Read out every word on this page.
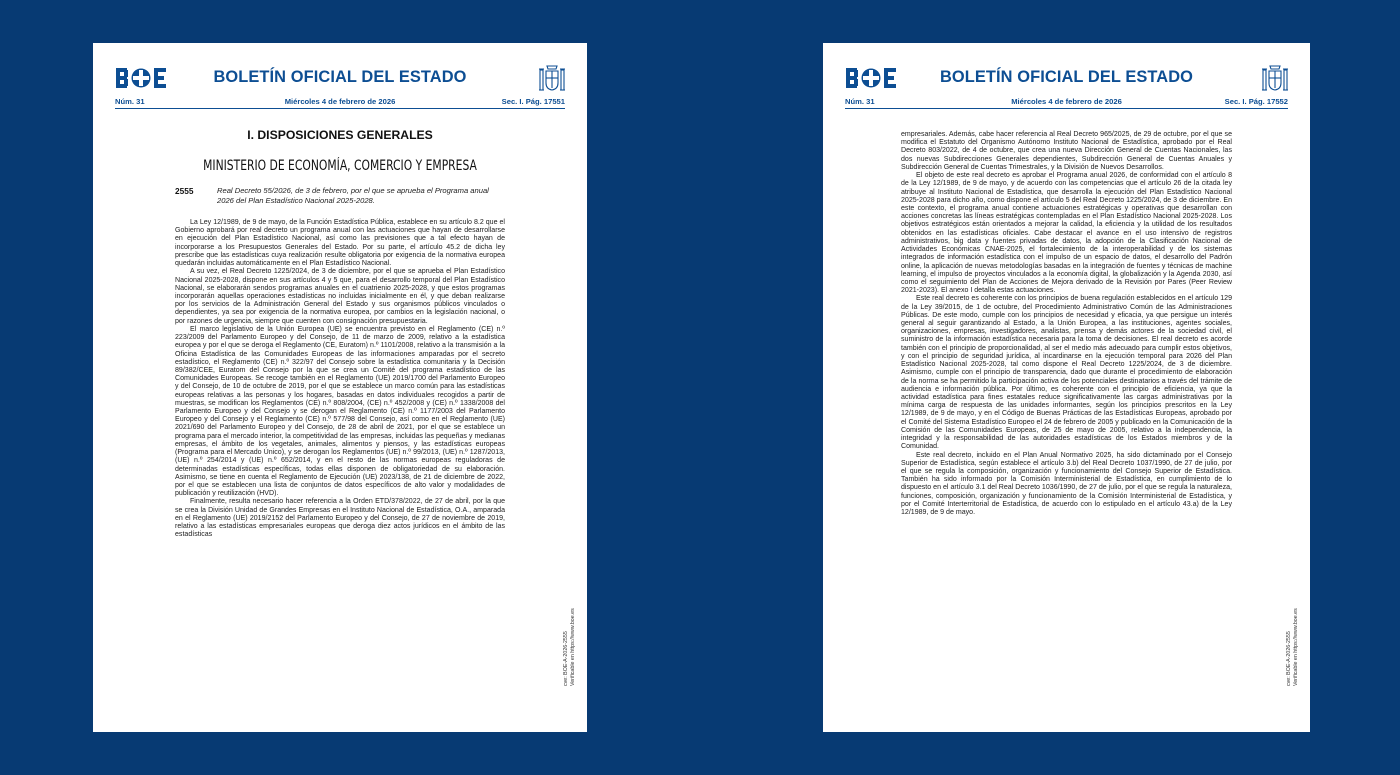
BOLETÍN OFICIAL DEL ESTADO
Núm. 31	Miércoles 4 de febrero de 2026	Sec. I. Pág. 17551
I. DISPOSICIONES GENERALES
MINISTERIO DE ECONOMÍA, COMERCIO Y EMPRESA
2555	Real Decreto 55/2026, de 3 de febrero, por el que se aprueba el Programa anual 2026 del Plan Estadístico Nacional 2025-2028.

La Ley 12/1989, de 9 de mayo, de la Función Estadística Pública, establece en su artículo 8.2 que el Gobierno aprobará por real decreto un programa anual con las actuaciones que hayan de desarrollarse en ejecución del Plan Estadístico Nacional, así como las previsiones que a tal efecto hayan de incorporarse a los Presupuestos Generales del Estado. Por su parte, el artículo 45.2 de dicha ley prescribe que las estadísticas cuya realización resulte obligatoria por exigencia de la normativa europea quedarán incluidas automáticamente en el Plan Estadístico Nacional.

A su vez, el Real Decreto 1225/2024, de 3 de diciembre, por el que se aprueba el Plan Estadístico Nacional 2025-2028, dispone en sus artículos 4 y 5 que, para el desarrollo temporal del Plan Estadístico Nacional, se elaborarán sendos programas anuales en el cuatrienio 2025-2028, y que estos programas incorporarán aquellas operaciones estadísticas no incluidas inicialmente en él, y que deban realizarse por los servicios de la Administración General del Estado y sus organismos públicos vinculados o dependientes, ya sea por exigencia de la normativa europea, por cambios en la legislación nacional, o por razones de urgencia, siempre que cuenten con consignación presupuestaria.

El marco legislativo de la Unión Europea (UE) se encuentra previsto en el Reglamento (CE) n.º 223/2009 del Parlamento Europeo y del Consejo, de 11 de marzo de 2009, relativo a la estadística europea y por el que se deroga el Reglamento (CE, Euratom) n.º 1101/2008, relativo a la transmisión a la Oficina Estadística de las Comunidades Europeas de las informaciones amparadas por el secreto estadístico, el Reglamento (CE) n.º 322/97 del Consejo sobre la estadística comunitaria y la Decisión 89/382/CEE, Euratom del Consejo por la que se crea un Comité del programa estadístico de las Comunidades Europeas. Se recoge también en el Reglamento (UE) 2019/1700 del Parlamento Europeo y del Consejo, de 10 de octubre de 2019, por el que se establece un marco común para las estadísticas europeas relativas a las personas y los hogares, basadas en datos individuales recogidos a partir de muestras, se modifican los Reglamentos (CE) n.º 808/2004, (CE) n.º 452/2008 y (CE) n.º 1338/2008 del Parlamento Europeo y del Consejo y se derogan el Reglamento (CE) n.º 1177/2003 del Parlamento Europeo y del Consejo y el Reglamento (CE) n.º 577/98 del Consejo, así como en el Reglamento (UE) 2021/690 del Parlamento Europeo y del Consejo, de 28 de abril de 2021, por el que se establece un programa para el mercado interior, la competitividad de las empresas, incluidas las pequeñas y medianas empresas, el ámbito de los vegetales, animales, alimentos y piensos, y las estadísticas europeas (Programa para el Mercado Único), y se derogan los Reglamentos (UE) n.º 99/2013, (UE) n.º 1287/2013, (UE) n.º 254/2014 y (UE) n.º 652/2014, y en el resto de las normas europeas reguladoras de determinadas estadísticas específicas, todas ellas disponen de obligatoriedad de su elaboración. Asimismo, se tiene en cuenta el Reglamento de Ejecución (UE) 2023/138, de 21 de diciembre de 2022, por el que se establecen una lista de conjuntos de datos específicos de alto valor y modalidades de publicación y reutilización (HVD).

Finalmente, resulta necesario hacer referencia a la Orden ETD/378/2022, de 27 de abril, por la que se crea la División Unidad de Grandes Empresas en el Instituto Nacional de Estadística, O.A., amparada en el Reglamento (UE) 2019/2152 del Parlamento Europeo y del Consejo, de 27 de noviembre de 2019, relativo a las estadísticas empresariales europeas que deroga diez actos jurídicos en el ámbito de las estadísticas

cve: BOE-A-2026-2555 Verificable en https://www.boe.es
BOLETÍN OFICIAL DEL ESTADO
Núm. 31	Miércoles 4 de febrero de 2026	Sec. I. Pág. 17552

empresariales. Además, cabe hacer referencia al Real Decreto 965/2025, de 29 de octubre, por el que se modifica el Estatuto del Organismo Autónomo Instituto Nacional de Estadística, aprobado por el Real Decreto 803/2022, de 4 de octubre, que crea una nueva Dirección General de Cuentas Nacionales, las dos nuevas Subdirecciones Generales dependientes, Subdirección General de Cuentas Anuales y Subdirección General de Cuentas Trimestrales, y la División de Nuevos Desarrollos.

El objeto de este real decreto es aprobar el Programa anual 2026, de conformidad con el artículo 8 de la Ley 12/1989, de 9 de mayo, y de acuerdo con las competencias que el artículo 26 de la citada ley atribuye al Instituto Nacional de Estadística, que desarrolla la ejecución del Plan Estadístico Nacional 2025-2028 para dicho año, como dispone el artículo 5 del Real Decreto 1225/2024, de 3 de diciembre. En este contexto, el programa anual contiene actuaciones estratégicas y operativas que desarrollan con acciones concretas las líneas estratégicas contempladas en el Plan Estadístico Nacional 2025-2028. Los objetivos estratégicos están orientados a mejorar la calidad, la eficiencia y la utilidad de los resultados obtenidos en las estadísticas oficiales. Cabe destacar el avance en el uso intensivo de registros administrativos, big data y fuentes privadas de datos, la adopción de la Clasificación Nacional de Actividades Económicas CNAE-2025, el fortalecimiento de la interoperabilidad y de los sistemas integrados de información estadística con el impulso de un espacio de datos, el desarrollo del Padrón online, la aplicación de nuevas metodologías basadas en la integración de fuentes y técnicas de machine learning, el impulso de proyectos vinculados a la economía digital, la globalización y la Agenda 2030, así como el seguimiento del Plan de Acciones de Mejora derivado de la Revisión por Pares (Peer Review 2021-2023). El anexo I detalla estas actuaciones.

Este real decreto es coherente con los principios de buena regulación establecidos en el artículo 129 de la Ley 39/2015, de 1 de octubre, del Procedimiento Administrativo Común de las Administraciones Públicas. De este modo, cumple con los principios de necesidad y eficacia, ya que persigue un interés general al seguir garantizando al Estado, a la Unión Europea, a las instituciones, agentes sociales, organizaciones, empresas, investigadores, analistas, prensa y demás actores de la sociedad civil, el suministro de la información estadística necesaria para la toma de decisiones. El real decreto es acorde también con el principio de proporcionalidad, al ser el medio más adecuado para cumplir estos objetivos, y con el principio de seguridad jurídica, al incardinarse en la ejecución temporal para 2026 del Plan Estadístico Nacional 2025-2028, tal como dispone el Real Decreto 1225/2024, de 3 de diciembre. Asimismo, cumple con el principio de transparencia, dado que durante el procedimiento de elaboración de la norma se ha permitido la participación activa de los potenciales destinatarios a través del trámite de audiencia e información pública. Por último, es coherente con el principio de eficiencia, ya que la actividad estadística para fines estatales reduce significativamente las cargas administrativas por la mínima carga de respuesta de las unidades informantes, según los principios prescritos en la Ley 12/1989, de 9 de mayo, y en el Código de Buenas Prácticas de las Estadísticas Europeas, aprobado por el Comité del Sistema Estadístico Europeo el 24 de febrero de 2005 y publicado en la Comunicación de la Comisión de las Comunidades Europeas, de 25 de mayo de 2005, relativo a la independencia, la integridad y la responsabilidad de las autoridades estadísticas de los Estados miembros y de la Comunidad.

Este real decreto, incluido en el Plan Anual Normativo 2025, ha sido dictaminado por el Consejo Superior de Estadística, según establece el artículo 3.b) del Real Decreto 1037/1990, de 27 de julio, por el que se regula la composición, organización y funcionamiento del Consejo Superior de Estadística. También ha sido informado por la Comisión Interministerial de Estadística, en cumplimiento de lo dispuesto en el artículo 3.1 del Real Decreto 1036/1990, de 27 de julio, por el que se regula la naturaleza, funciones, composición, organización y funcionamiento de la Comisión Interministerial de Estadística, y por el Comité Interterritorial de Estadística, de acuerdo con lo estipulado en el artículo 43.a) de la Ley 12/1989, de 9 de mayo.

cve: BOE-A-2026-2555 Verificable en https://www.boe.es
